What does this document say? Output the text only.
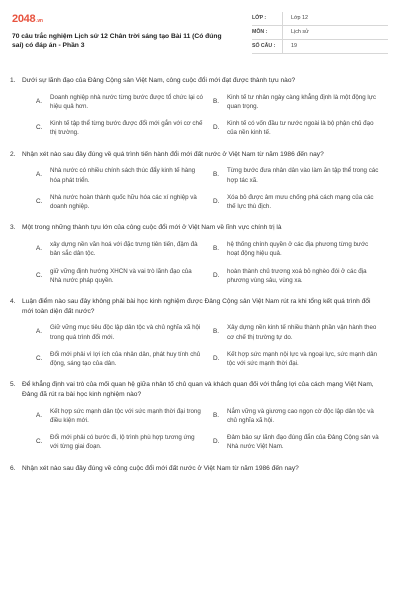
2048.vn
70 câu trắc nghiệm Lịch sử 12 Chân trời sáng tạo Bài 11 (Có đúng sai) có đáp án - Phần 3
LỚP :	Lớp 12
MÔN :	Lịch sử
SỐ CÂU :	19
1. Dưới sự lãnh đạo của Đảng Cộng sản Việt Nam, công cuộc đổi mới đạt được thành tựu nào?
A.
Doanh nghiệp nhà nước từng bước được tổ chức lại có hiệu quả hơn.
B.
Kinh tế tư nhân ngày càng khẳng định là một động lực quan trọng.
C.
Kinh tế tập thể từng bước được đổi mới gắn với cơ chế thị trường.
D.
Kinh tế có vốn đầu tư nước ngoài là bộ phận chủ đạo của nền kinh tế.
2. Nhận xét nào sau đây đúng về quá trình tiến hành đổi mới đất nước ở Việt Nam từ năm 1986 đến nay?
A.
Nhà nước có nhiều chính sách thúc đẩy kinh tế hàng hóa phát triển.
B.
Từng bước đưa nhân dân vào làm ăn tập thể trong các hợp tác xã.
C.
Nhà nước hoàn thành quốc hữu hóa các xí nghiệp và doanh nghiệp.
D.
Xóa bỏ được âm mưu chống phá cách mạng của các thế lực thù địch.
3. Một trong những thành tựu lớn của công cuộc đổi mới ở Việt Nam về lĩnh vực chính trị là
A.
xây dựng nền văn hoá với đặc trưng tiên tiến, đậm đà bản sắc dân tộc.
B.
hệ thống chính quyền ở các địa phương từng bước hoạt động hiệu quả.
C.
giữ vững định hướng XHCN và vai trò lãnh đạo của Nhà nước pháp quyền.
D.
hoàn thành chủ trương xoá bỏ nghèo đói ở các địa phương vùng sâu, vùng xa.
4. Luận điểm nào sau đây không phải bài học kinh nghiệm được Đảng Cộng sản Việt Nam rút ra khi tổng kết quá trình đổi mới toàn diện đất nước?
A.
Giữ vững mục tiêu độc lập dân tộc và chủ nghĩa xã hội trong quá trình đổi mới.
B.
Xây dựng nền kinh tế nhiều thành phần vận hành theo cơ chế thị trường tự do.
C.
Đổi mới phải vì lợi ích của nhân dân, phát huy tính chủ động, sáng tạo của dân.
D.
Kết hợp sức mạnh nội lực và ngoại lực, sức mạnh dân tộc với sức mạnh thời đại.
5. Để khẳng định vai trò của mối quan hệ giữa nhân tố chủ quan và khách quan đối với thắng lợi của cách mạng Việt Nam, Đảng đã rút ra bài học kinh nghiệm nào?
A.
Kết hợp sức mạnh dân tộc với sức mạnh thời đại trong điều kiện mới.
B.
Nắm vững và giương cao ngọn cờ độc lập dân tộc và chủ nghĩa xã hội.
C.
Đổi mới phải có bước đi, lộ trình phù hợp tương ứng với từng giai đoạn.
D.
Đảm bảo sự lãnh đạo đúng đắn của Đảng Cộng sản và Nhà nước Việt Nam.
6. Nhận xét nào sau đây đúng về công cuộc đổi mới đất nước ở Việt Nam từ năm 1986 đến nay?
